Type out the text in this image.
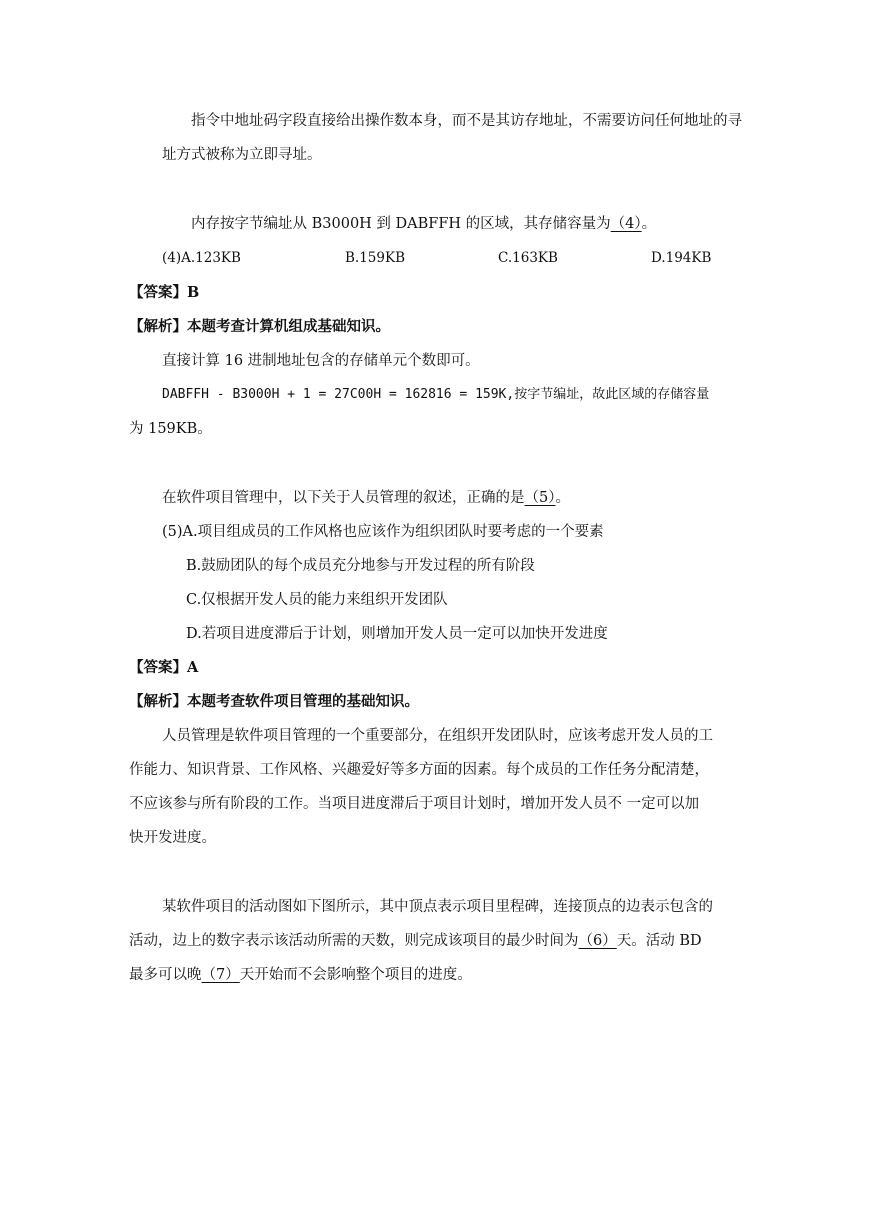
指令中地址码字段直接给出操作数本身，而不是其访存地址，不需要访问任何地址的寻

址方式被称为立即寻址。

内存按字节编址从 B3000H 到 DABFFH 的区域，其存储容量为（4）。

(4)A.123KB	B.159KB	C.163KB	D.194KB

【答案】B

【解析】本题考查计算机组成基础知识。

直接计算 16 进制地址包含的存储单元个数即可。

DABFFH - B3000H + 1 = 27C00H = 162816 = 159K,按字节编址，故此区域的存储容量

为 159KB。

在软件项目管理中，以下关于人员管理的叙述，正确的是（5）。

(5)A.项目组成员的工作风格也应该作为组织团队时要考虑的一个要素

B.鼓励团队的每个成员充分地参与开发过程的所有阶段

C.仅根据开发人员的能力来组织开发团队

D.若项目进度滞后于计划，则增加开发人员一定可以加快开发进度

【答案】A

【解析】本题考查软件项目管理的基础知识。

人员管理是软件项目管理的一个重要部分，在组织开发团队时，应该考虑开发人员的工

作能力、知识背景、工作风格、兴趣爱好等多方面的因素。每个成员的工作任务分配清楚，

不应该参与所有阶段的工作。当项目进度滞后于项目计划时，增加开发人员不 一定可以加

快开发进度。

某软件项目的活动图如下图所示，其中顶点表示项目里程碑，连接顶点的边表示包含的

活动，边上的数字表示该活动所需的天数，则完成该项目的最少时间为（6）天。活动 BD

最多可以晚（7）天开始而不会影响整个项目的进度。
